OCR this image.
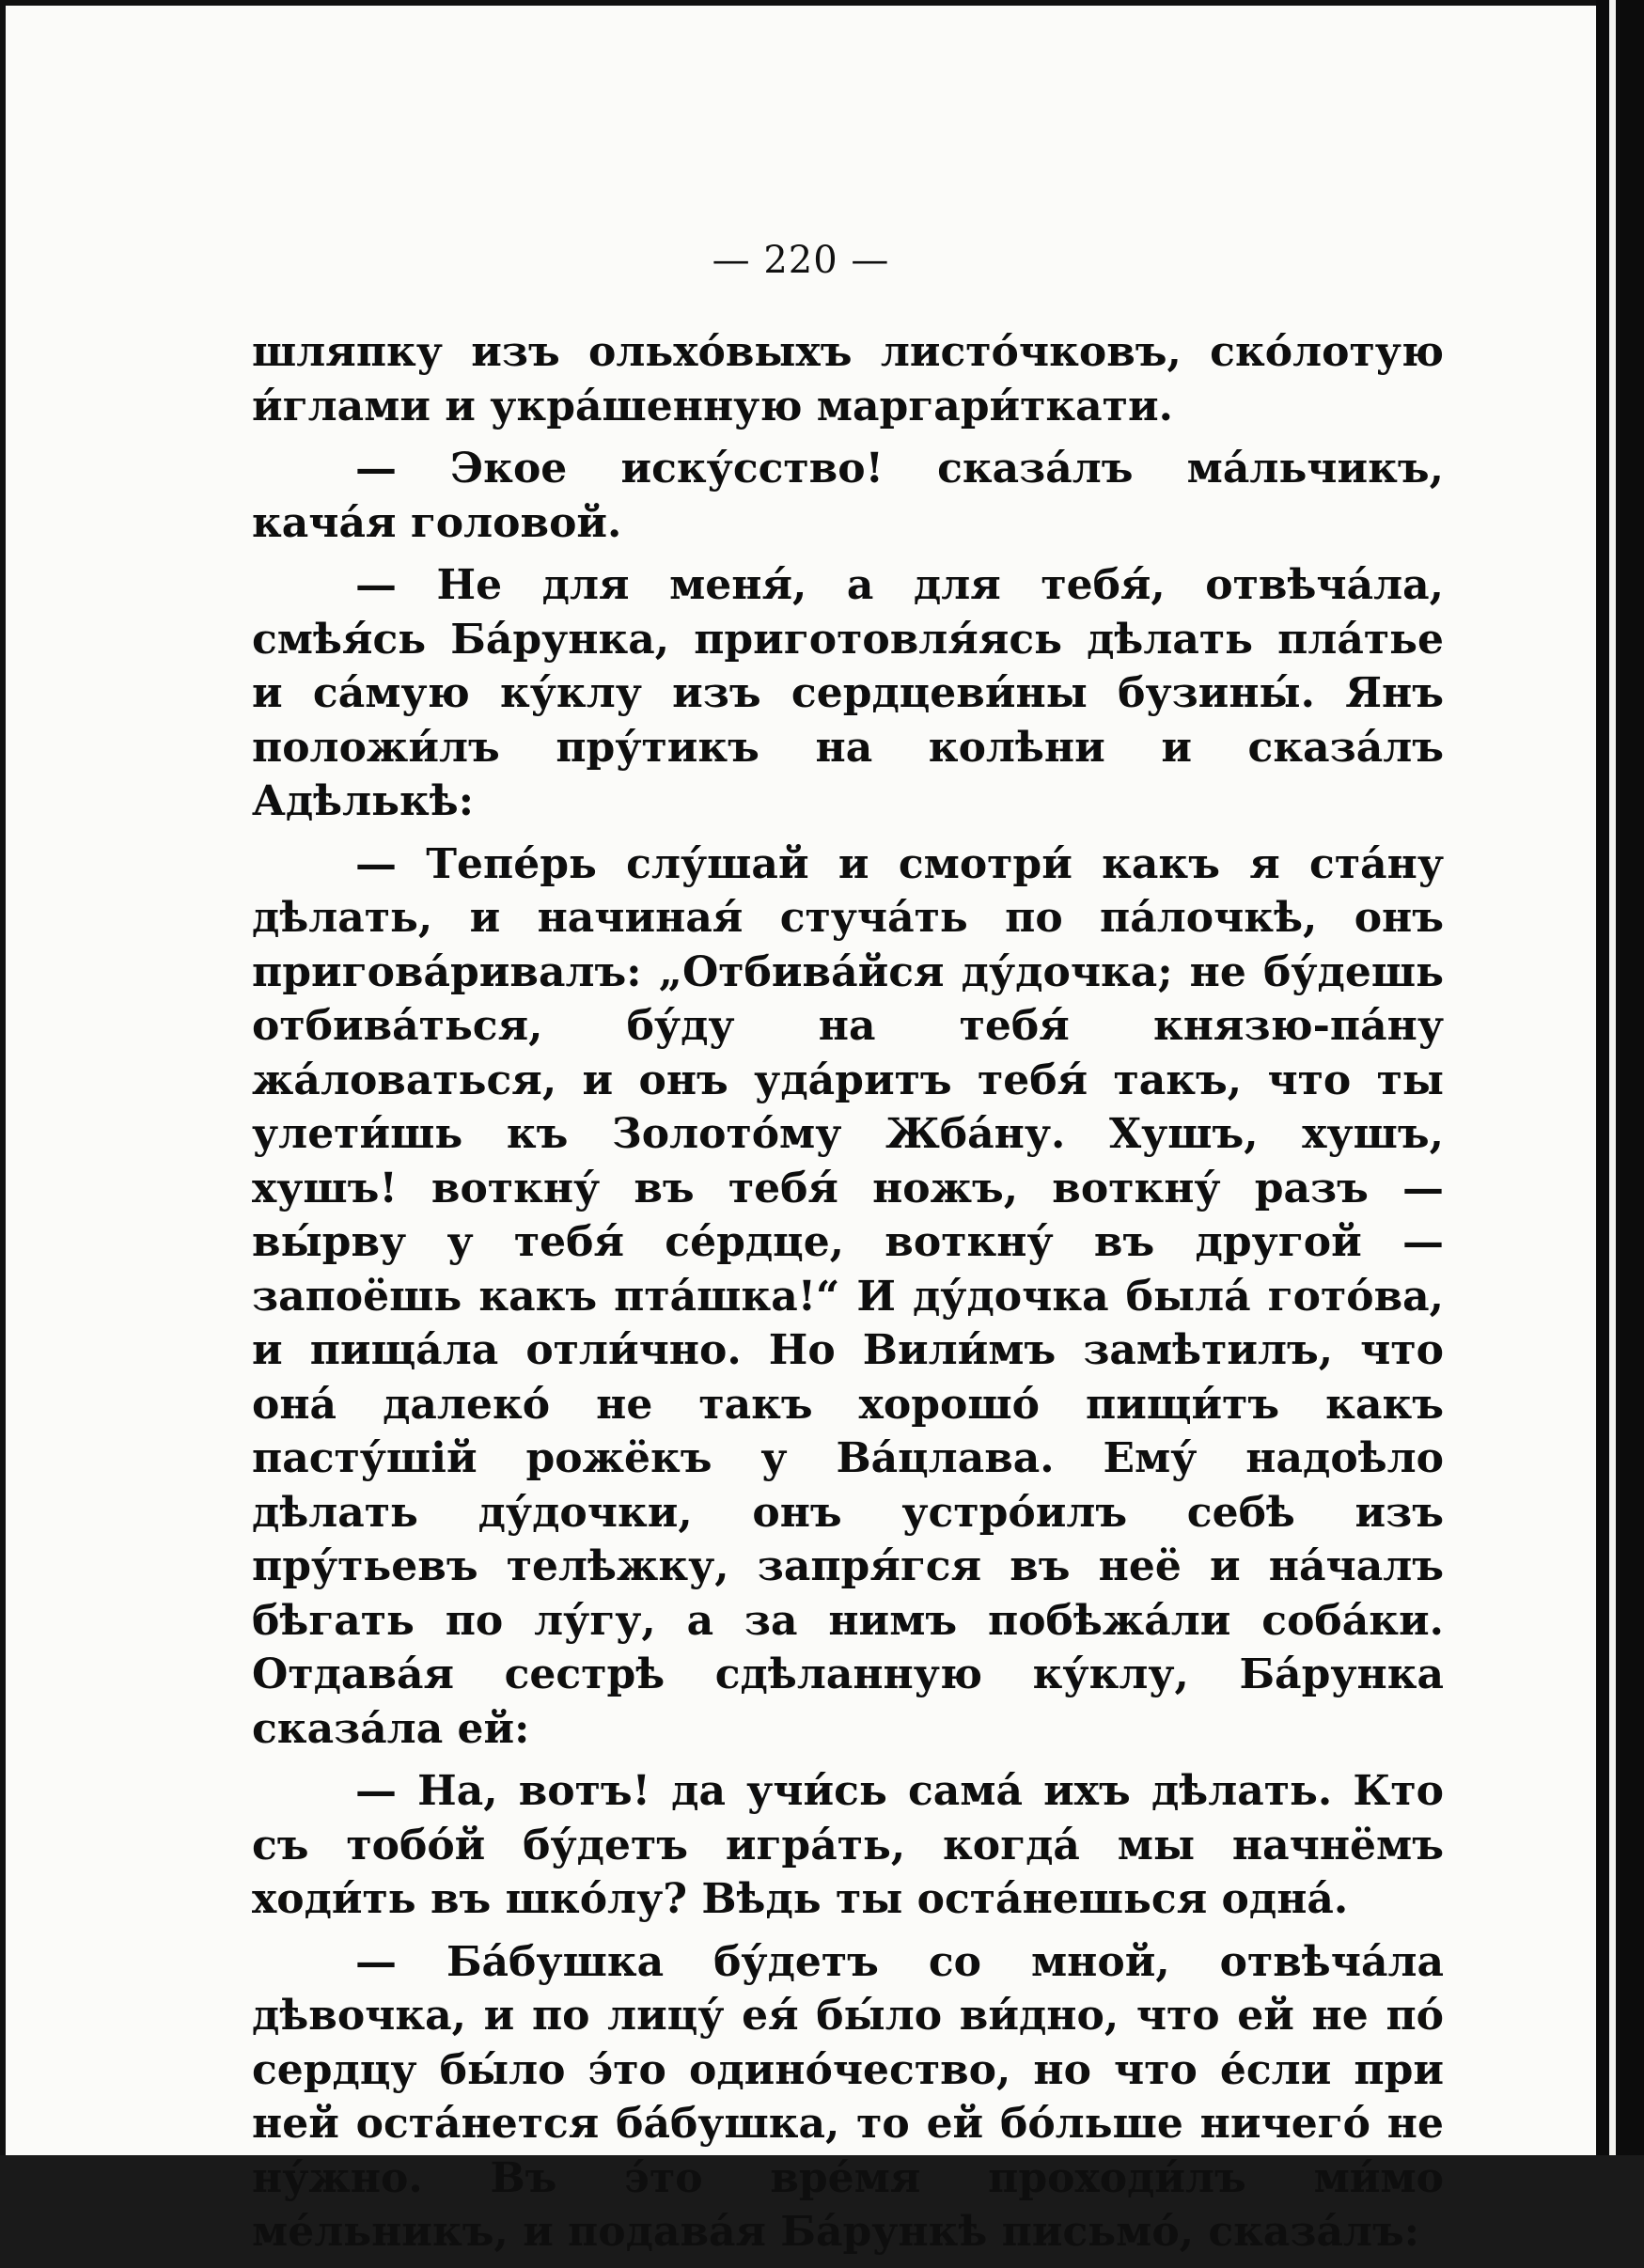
— 220 —

шляпку изъ ольхо́выхъ листо́чковъ, ско́лотую и́глами и укра́шенную маргари́ткати.

— Экое иску́сство! сказа́лъ ма́льчикъ, кача́я головой.

— Не для меня́, а для тебя́, отвѣча́ла, смѣя́сь Ба́рунка, приготовля́ясь дѣлать пла́тье и са́мую ку́клу изъ сердцеви́ны бузины́. Янъ положи́лъ пру́тикъ на колѣни и сказа́лъ Адѣлькѣ:

— Тепе́рь слу́шай и смотри́ какъ я ста́ну дѣлать, и начиная́ стуча́ть по па́лочкѣ, онъ пригова́ривалъ: „Отбива́йся ду́дочка; не бу́дешь отбива́ться, бу́ду на тебя́ князю-па́ну жа́ловаться, и онъ уда́ритъ тебя́ такъ, что ты улети́шь къ Золото́му Жба́ну. Хушъ, хушъ, хушъ! воткну́ въ тебя́ ножъ, воткну́ разъ — вы́рву у тебя́ се́рдце, воткну́ въ другой — запоёшь какъ пта́шка!“ И ду́дочка была́ гото́ва, и пища́ла отли́чно. Но Вили́мъ замѣтилъ, что она́ далеко́ не такъ хорошо́ пищи́тъ какъ пасту́шій рожёкъ у Ва́цлава. Ему́ надоѣло дѣлать ду́дочки, онъ устро́илъ себѣ изъ пру́тьевъ телѣжку, запря́гся въ неё и на́чалъ бѣгать по лу́гу, а за нимъ побѣжа́ли соба́ки. Отдава́я сестрѣ сдѣланную ку́клу, Ба́рунка сказа́ла ей:

— На, вотъ! да учи́сь сама́ ихъ дѣлать. Кто съ тобо́й бу́детъ игра́ть, когда́ мы начнёмъ ходи́ть въ шко́лу? Вѣдь ты оста́нешься одна́.

— Ба́бушка бу́детъ со мной, отвѣча́ла дѣвочка, и по лицу́ ея́ бы́ло ви́дно, что ей не по́ сердцу бы́ло э́то одино́чество, но что е́сли при ней оста́нется ба́бушка, то ей бо́льше ничего́ не ну́жно. Въ э́то вре́мя проходи́лъ ми́мо ме́льникъ, и подава́я Ба́рункѣ письмо́, сказа́лъ:
